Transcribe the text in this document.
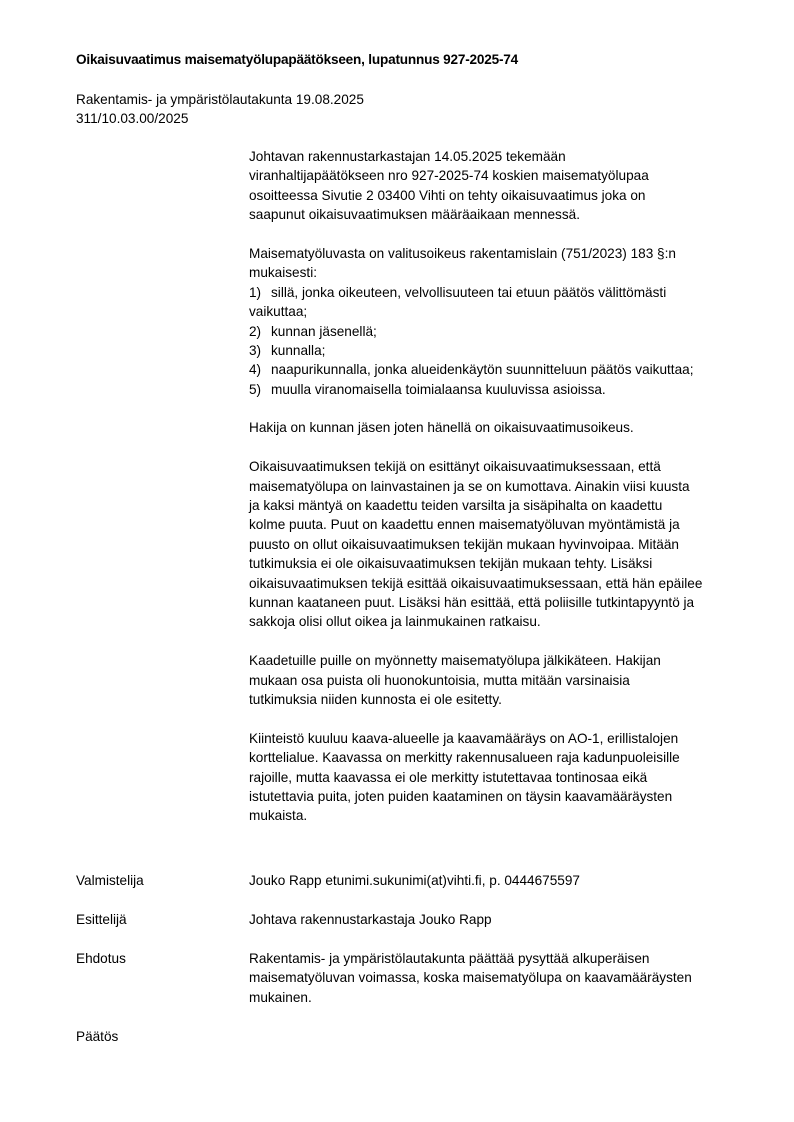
Oikaisuvaatimus maisematyölupapäätökseen, lupatunnus 927-2025-74
Rakentamis- ja ympäristölautakunta 19.08.2025
311/10.03.00/2025
Johtavan rakennustarkastajan 14.05.2025 tekemään
viranhaltijapäätökseen nro 927-2025-74 koskien maisematyölupaa
osoitteessa Sivutie 2 03400 Vihti on tehty oikaisuvaatimus joka on
saapunut oikaisuvaatimuksen määräaikaan mennessä.
Maisematyöluvasta on valitusoikeus rakentamislain (751/2023) 183 §:n
mukaisesti:
1) sillä, jonka oikeuteen, velvollisuuteen tai etuun päätös välittömästi
vaikuttaa;
2) kunnan jäsenellä;
3) kunnalla;
4) naapurikunnalla, jonka alueidenkäytön suunnitteluun päätös vaikuttaa;
5) muulla viranomaisella toimialaansa kuuluvissa asioissa.
Hakija on kunnan jäsen joten hänellä on oikaisuvaatimusoikeus.
Oikaisuvaatimuksen tekijä on esittänyt oikaisuvaatimuksessaan, että
maisematyölupa on lainvastainen ja se on kumottava. Ainakin viisi kuusta
ja kaksi mäntyä on kaadettu teiden varsilta ja sisäpihalta on kaadettu
kolme puuta. Puut on kaadettu ennen maisematyöluvan myöntämistä ja
puusto on ollut oikaisuvaatimuksen tekijän mukaan hyvinvoipaa. Mitään
tutkimuksia ei ole oikaisuvaatimuksen tekijän mukaan tehty. Lisäksi
oikaisuvaatimuksen tekijä esittää oikaisuvaatimuksessaan, että hän epäilee
kunnan kaataneen puut. Lisäksi hän esittää, että poliisille tutkintapyyntö ja
sakkoja olisi ollut oikea ja lainmukainen ratkaisu.
Kaadetuille puille on myönnetty maisematyölupa jälkikäteen. Hakijan
mukaan osa puista oli huonokuntoisia, mutta mitään varsinaisia
tutkimuksia niiden kunnosta ei ole esitetty.
Kiinteistö kuuluu kaava-alueelle ja kaavamääräys on AO-1, erillistalojen
korttelialue. Kaavassa on merkitty rakennusalueen raja kadunpuoleisille
rajoille, mutta kaavassa ei ole merkitty istutettavaa tontinosaa eikä
istutettavia puita, joten puiden kaataminen on täysin kaavamääräysten
mukaista.
Valmistelija	Jouko Rapp etunimi.sukunimi(at)vihti.fi, p. 0444675597
Esittelijä	Johtava rakennustarkastaja Jouko Rapp
Ehdotus	Rakentamis- ja ympäristölautakunta päättää pysyttää alkuperäisen
maisematyöluvan voimassa, koska maisematyölupa on kaavamääräysten
mukainen.
Päätös
